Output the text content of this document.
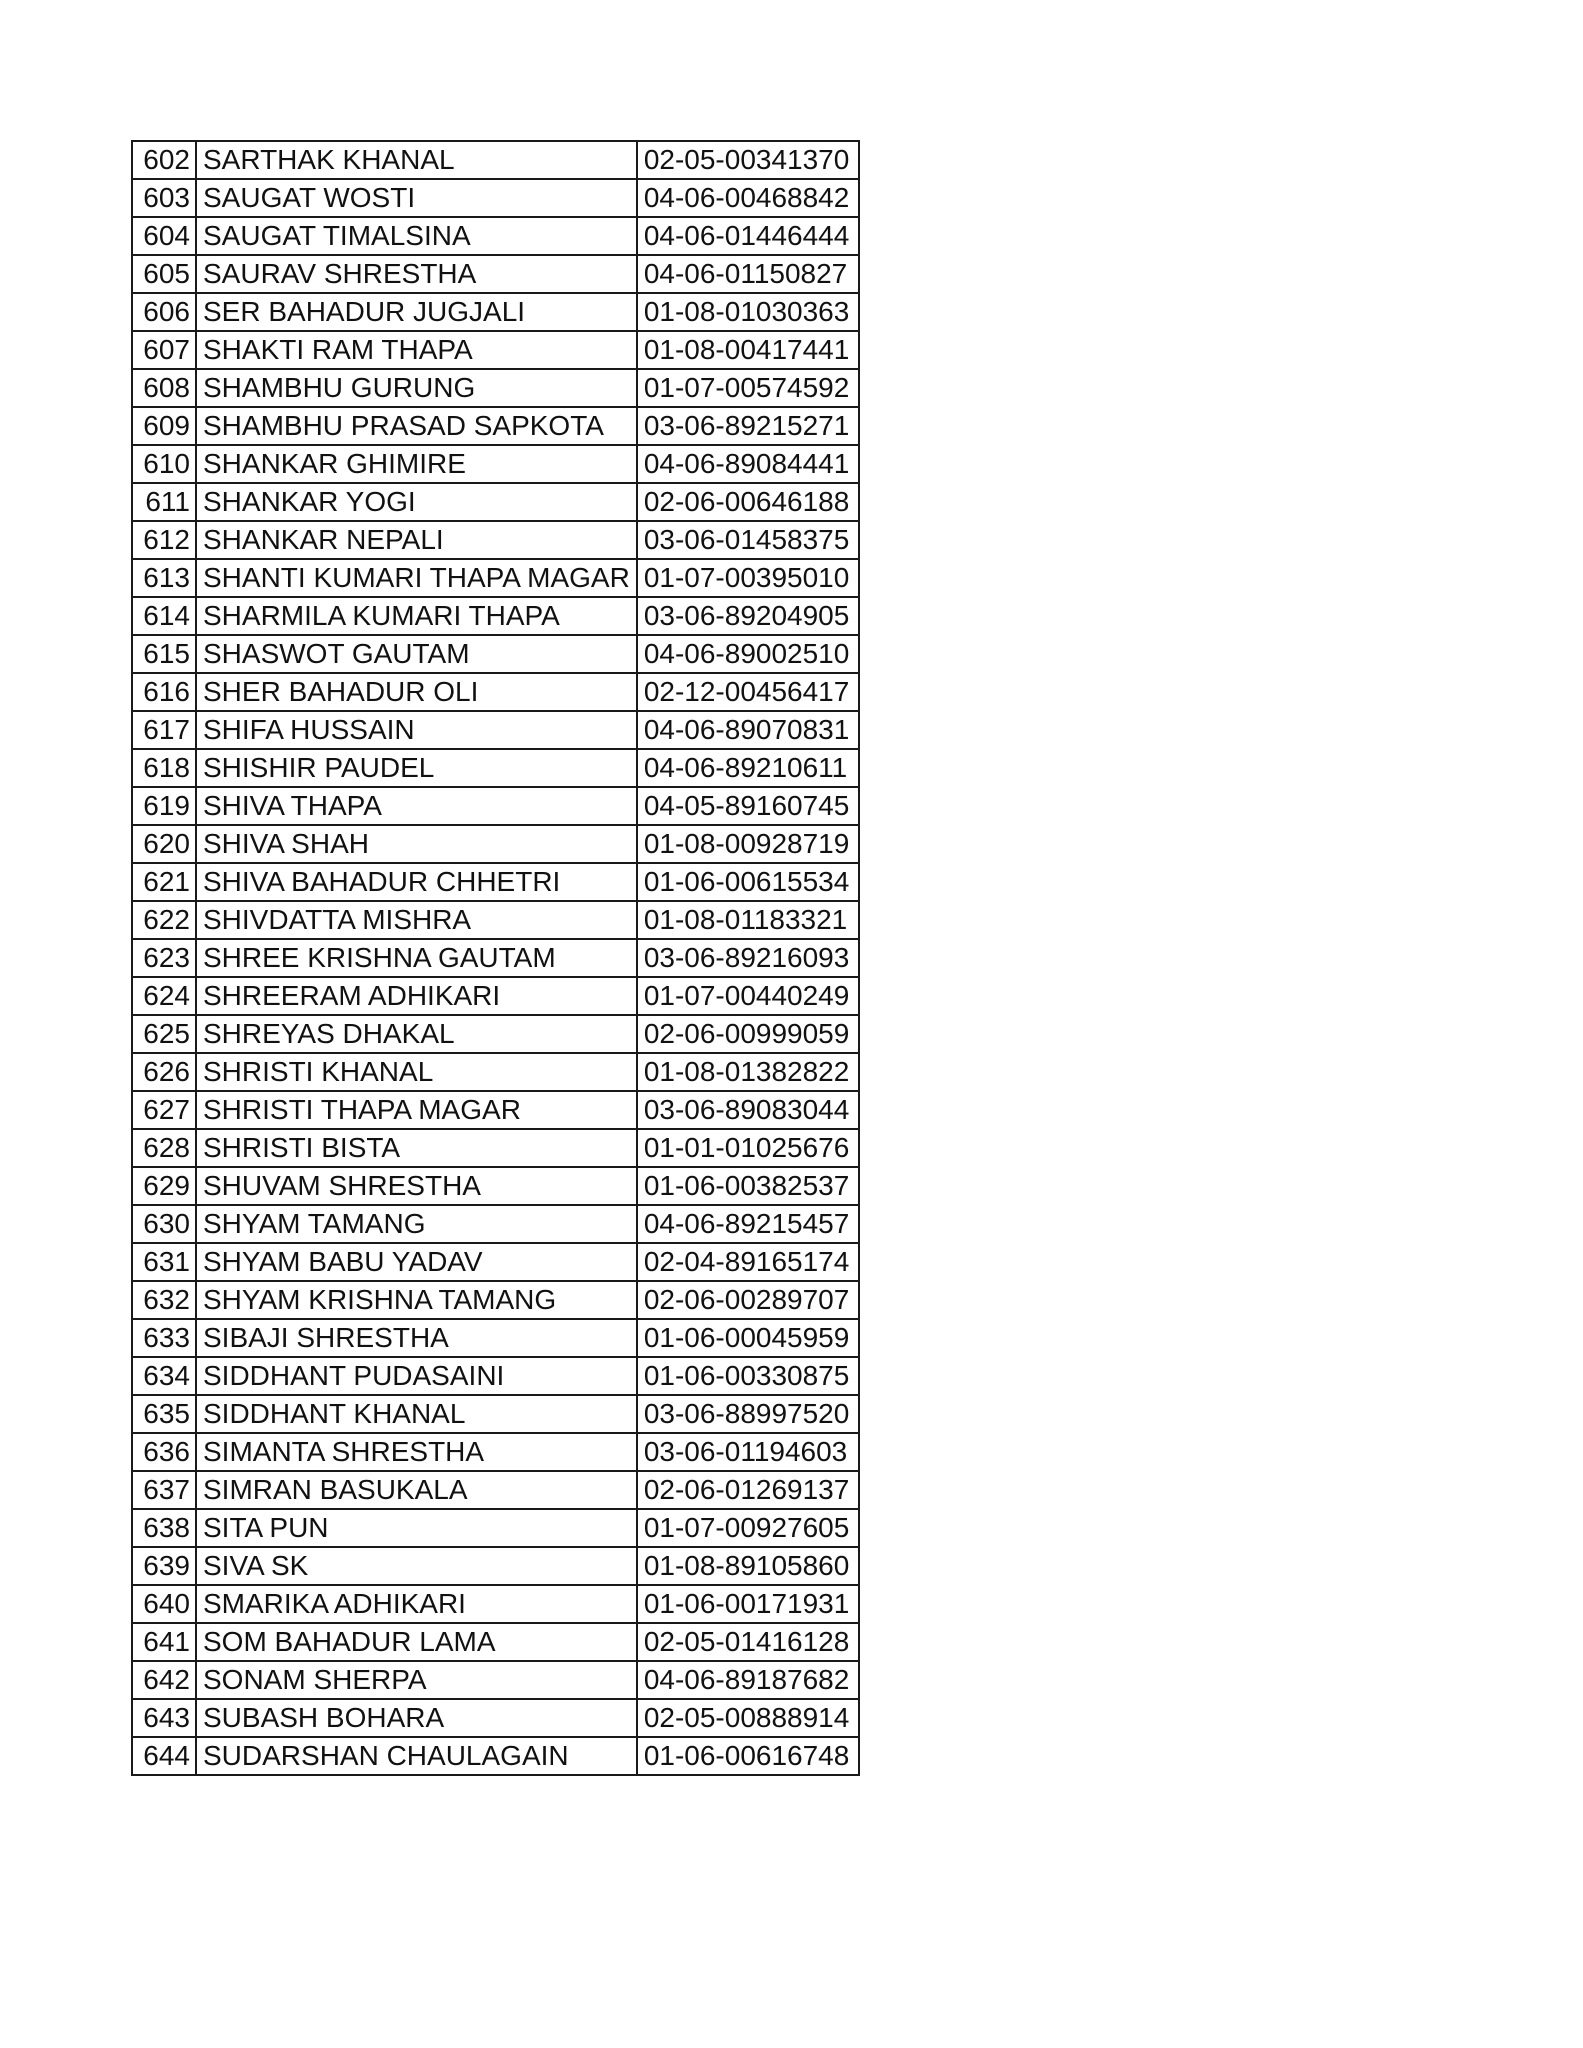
602	SARTHAK KHANAL	02-05-00341370
603	SAUGAT WOSTI	04-06-00468842
604	SAUGAT TIMALSINA	04-06-01446444
605	SAURAV SHRESTHA	04-06-01150827
606	SER BAHADUR JUGJALI	01-08-01030363
607	SHAKTI RAM THAPA	01-08-00417441
608	SHAMBHU GURUNG	01-07-00574592
609	SHAMBHU PRASAD SAPKOTA	03-06-89215271
610	SHANKAR GHIMIRE	04-06-89084441
611	SHANKAR YOGI	02-06-00646188
612	SHANKAR NEPALI	03-06-01458375
613	SHANTI KUMARI THAPA MAGAR	01-07-00395010
614	SHARMILA KUMARI THAPA	03-06-89204905
615	SHASWOT GAUTAM	04-06-89002510
616	SHER BAHADUR OLI	02-12-00456417
617	SHIFA HUSSAIN	04-06-89070831
618	SHISHIR PAUDEL	04-06-89210611
619	SHIVA THAPA	04-05-89160745
620	SHIVA SHAH	01-08-00928719
621	SHIVA BAHADUR CHHETRI	01-06-00615534
622	SHIVDATTA MISHRA	01-08-01183321
623	SHREE KRISHNA GAUTAM	03-06-89216093
624	SHREERAM ADHIKARI	01-07-00440249
625	SHREYAS DHAKAL	02-06-00999059
626	SHRISTI KHANAL	01-08-01382822
627	SHRISTI THAPA MAGAR	03-06-89083044
628	SHRISTI BISTA	01-01-01025676
629	SHUVAM SHRESTHA	01-06-00382537
630	SHYAM TAMANG	04-06-89215457
631	SHYAM BABU YADAV	02-04-89165174
632	SHYAM KRISHNA TAMANG	02-06-00289707
633	SIBAJI SHRESTHA	01-06-00045959
634	SIDDHANT PUDASAINI	01-06-00330875
635	SIDDHANT KHANAL	03-06-88997520
636	SIMANTA SHRESTHA	03-06-01194603
637	SIMRAN BASUKALA	02-06-01269137
638	SITA PUN	01-07-00927605
639	SIVA SK	01-08-89105860
640	SMARIKA ADHIKARI	01-06-00171931
641	SOM BAHADUR LAMA	02-05-01416128
642	SONAM SHERPA	04-06-89187682
643	SUBASH BOHARA	02-05-00888914
644	SUDARSHAN CHAULAGAIN	01-06-00616748
